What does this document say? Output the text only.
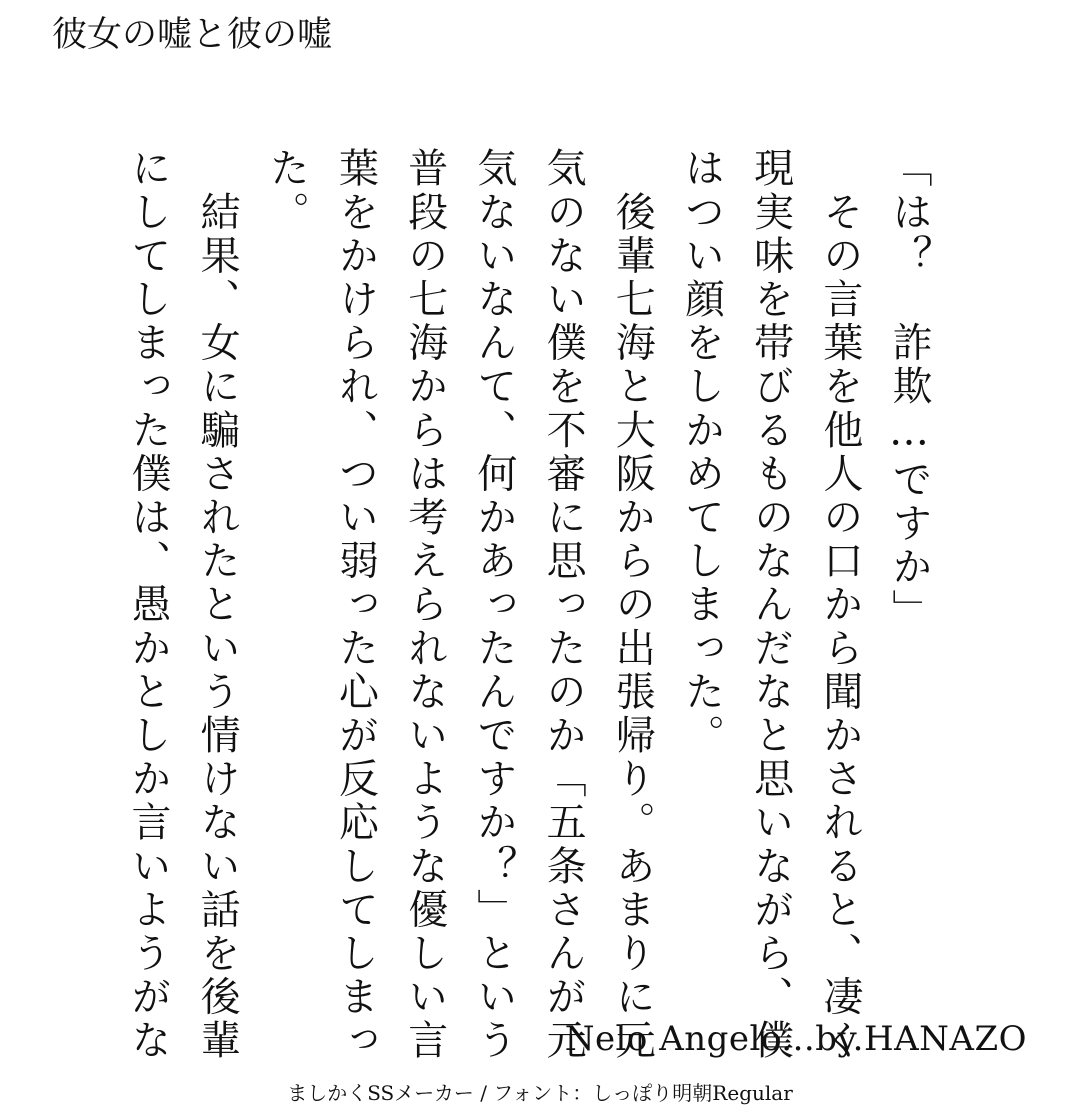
彼女の嘘と彼の嘘
「は？　詐欺…ですか」
　その言葉を他人の口から聞かされると、凄く
現実味を帯びるものなんだなと思いながら、僕
はつい顔をしかめてしまった。
　後輩七海と大阪からの出張帰り。あまりに元
気のない僕を不審に思ったのか「五条さんが元
気ないなんて、何かあったんですか？」という
普段の七海からは考えられないような優しい言
葉をかけられ、つい弱った心が反応してしまっ
た。
　結果、女に騙されたという情けない話を後輩
にしてしまった僕は、愚かとしか言いようがな	Nelo Angelo...by.HANAZO
ましかくSSメーカー / フォント：しっぽり明朝Regular
